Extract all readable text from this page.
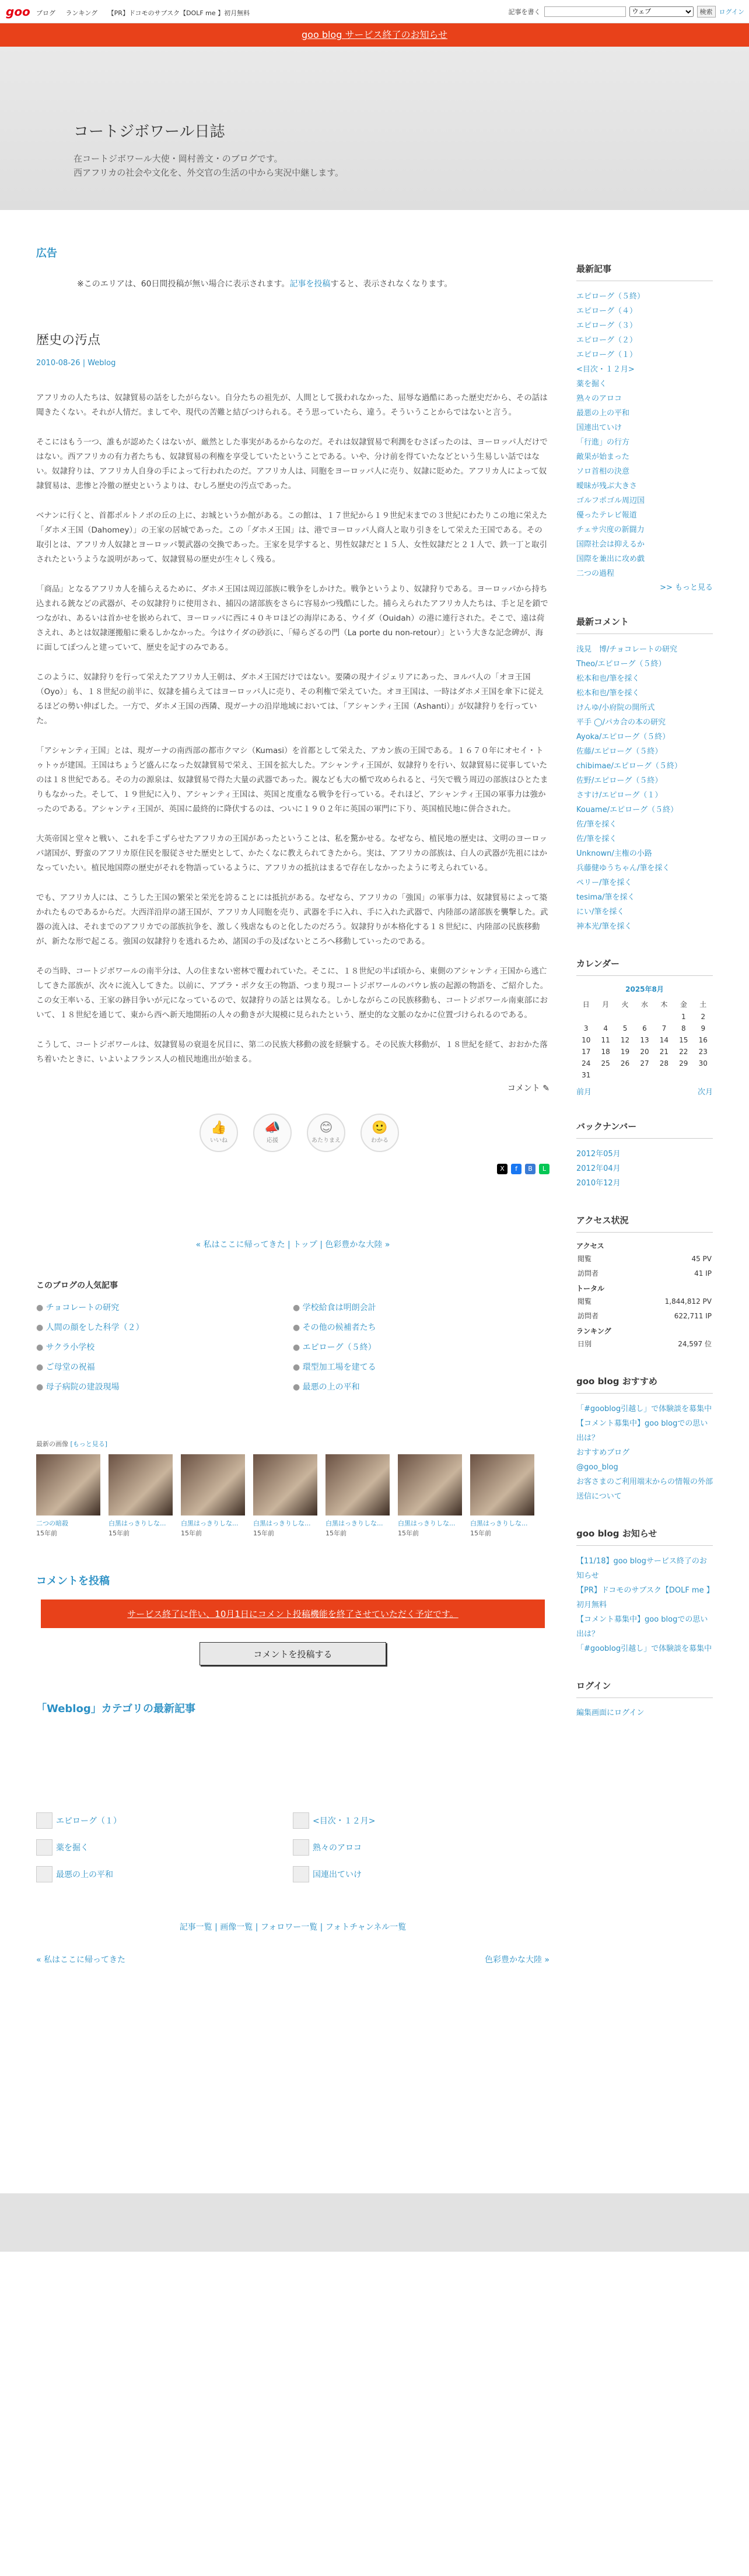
goo ブログ ランキング 【PR】ドコモのサブスク【DOLF me 】初月無料	記事を書く
ウェブ	検索	ログイン
goo blog サービス終了のお知らせ
コートジボワール日誌
在コートジボワール大使・岡村善文・のブログです。
西アフリカの社会や文化を、外交官の生活の中から実況中継します。
広告
※このエリアは、60日間投稿が無い場合に表示されます。記事を投稿すると、表示されなくなります。
歴史の汚点
2010-08-26 | Weblog

アフリカの人たちは、奴隷貿易の話をしたがらない。自分たちの祖先が、人間として扱われなかった、屈辱な過酷にあった歴史だから、その話は聞きたくない。それが人情だ。ましてや、現代の苦難と結びつけられる。そう思っていたら、違う。そういうことからではないと言う。

そこにはもう一つ、誰もが認めたくはないが、厳然とした事実があるからなのだ。それは奴隷貿易で利潤をむさぼったのは、ヨーロッパ人だけではない。西アフリカの有力者たちも、奴隷貿易の利権を享受していたということである。いや、分け前を得ていたなどという生易しい話ではない。奴隷狩りは、アフリカ人自身の手によって行われたのだ。アフリカ人は、同胞をヨーロッパ人に売り、奴隷に貶めた。アフリカ人によって奴隷貿易は、悲惨と冷徹の歴史というよりは、むしろ歴史の汚点であった。

ベナンに行くと、首都ポルトノボの丘の上に、お城というか館がある。この館は、１７世紀から１９世紀末までの３世紀にわたりこの地に栄えた「ダホメ王国（Dahomey）」の王家の居城であった。この「ダホメ王国」は、港でヨーロッパ人商人と取り引きをして栄えた王国である。その取引とは、アフリカ人奴隷とヨーロッパ製武器の交換であった。王家を見学すると、男性奴隷だと１５人、女性奴隷だと２１人で、鉄一丁と取引されたというような説明があって、奴隷貿易の歴史が生々しく残る。

「商品」となるアフリカ人を捕らえるために、ダホメ王国は周辺部族に戦争をしかけた。戦争というより、奴隷狩りである。ヨーロッパから持ち込まれる銃などの武器が、その奴隷狩りに使用され、捕囚の諸部族をさらに容易かつ残酷にした。捕らえられたアフリカ人たちは、手と足を鎖でつながれ、あるいは首かせを嵌められて、ヨーロッパに西に４０キロほどの海岸にある、ウイダ（Ouidah）の港に連行された。そこで、遠は荷さえれ、あとは奴隷運搬船に乗るしかなかった。今はウイダの砂浜に、「帰らざるの門（La porte du non-retour）」という大きな記念碑が、海に面してぽつんと建っていて、歴史を記すのみである。

このように、奴隷狩りを行って栄えたアフリカ人王朝は、ダホメ王国だけではない。要隣の現ナイジェリアにあった、ヨルバ人の「オヨ王国（Oyo）」も、１８世紀の前半に、奴隷を捕らえてはヨーロッパ人に売り、その利権で栄えていた。オヨ王国は、一時はダホメ王国を傘下に従えるほどの勢い伸ばした。一方で、ダホメ王国の西隣、現ガーナの沿岸地域においては、「アシャンティ王国（Ashanti）」が奴隷狩りを行っていた。

「アシャンティ王国」とは、現ガーナの南西部の都市クマシ（Kumasi）を首都として栄えた、アカン族の王国である。１６７０年にオセイ・トゥトゥが建国。王国はちょうど盛んになった奴隷貿易で栄え、王国を拡大した。アシャンティ王国が、奴隷狩りを行い、奴隷貿易に従事していたのは１８世紀である。その力の源泉は、奴隷貿易で得た大量の武器であった。親なども大の楯で攻められると、弓矢で戦う周辺の部族はひとたまりもなかった。そして、１９世紀に入り、アシャンティ王国は、英国と度重なる戦争を行っている。それほど、アシャンティ王国の軍事力は強かったのである。アシャンティ王国が、英国に最終的に降伏するのは、ついに１９０２年に英国の軍門に下り、英国植民地に併合された。

大英帝国と堂々と戦い、これを手こずらせたアフリカの王国があったということは、私を驚かせる。なぜなら、植民地の歴史は、文明のヨーロッパ諸国が、野蛮のアフリカ原住民を服従させた歴史として、かたくなに教えられてきたから。実は、アフリカの部族は、白人の武器が先祖にはかなっていたい。植民地国際の歴史がそれを物語っているように、アフリカの抵抗はまるで存在しなかったように考えられている。

でも、アフリカ人には、こうした王国の繁栄と栄光を誇ることには抵抗がある。なぜなら、アフリカの「強国」の軍事力は、奴隷貿易によって築かれたものであるからだ。大西洋沿岸の諸王国が、アフリカ人同胞を売り、武器を手に入れ、手に入れた武器で、内陸部の諸部族を襲撃した。武器の流入は、それまでのアフリカでの部族抗争を、激しく残虐なものと化したのだろう。奴隷狩りが本格化する１８世紀に、内陸部の民族移動が、新たな形で起こる。強国の奴隷狩りを逃れるため、諸国の手の及ばないところへ移動していったのである。

その当時、コートジボワールの南半分は、人の住まない密林で覆われていた。そこに、１８世紀の半ば頃から、東側のアシャンティ王国から逃亡してきた部族が、次々に流入してきた。以前に、アブラ・ポク女王の物語、つまり現コートジボワールのバウレ族の起源の物語を、ご紹介した。この女王率いる、王家の跡目争いが元になっているので、奴隷狩りの話とは異なる。しかしながらこの民族移動も、コートジボワール南東部において、１８世紀を通じて、東から西へ新天地開拓の人々の動きが大規模に見られたという、歴史的な文脈のなかに位置づけられるのである。

こうして、コートジボワールは、奴隷貿易の衰退を尻目に、第二の民族大移動の波を経験する。その民族大移動が、１８世紀を経て、おおかた落ち着いたときに、いよいよフランス人の植民地進出が始まる。

コメント ✎
👍
いいね
📣
応援
😊
あたりまえ
🙂
わかる
X	f	B	L
« 私はここに帰ってきた | トップ | 色彩豊かな大陸 »
このブログの人気記事
● チョコレートの研究	● 学校給食は明朗会計
● 人間の顔をした科学（２）	● その他の候補者たち
● サクラ小学校	● エピローグ（５終）
● ご母堂の祝福	● 環型加工場を建てる
● 母子病院の建設現場	● 最悪の上の平和
最新の画像 [もっと見る]
二つの暗殺
15年前
白黒はっきりしな...
15年前
白黒はっきりしな...
15年前
白黒はっきりしな...
15年前
白黒はっきりしな...
15年前
白黒はっきりしな...
15年前
白黒はっきりしな...
15年前
コメントを投稿
サービス終了に伴い、10月1日にコメント投稿機能を終了させていただく予定です。
コメントを投稿する
「Weblog」カテゴリの最新記事
エピローグ（１）	<目次・１２月>
薬を掘く	熟々のアロコ
最悪の上の平和	国連出ていけ
記事一覧 | 画像一覧 | フォロワー一覧 | フォトチャンネル一覧
« 私はここに帰ってきた	色彩豊かな大陸 »
最新記事
エピローグ（５終）
エピローグ（４）
エピローグ（３）
エピローグ（２）
エピローグ（１）
<目次・１２月>
薬を掘く
熟々のアロコ
最悪の上の平和
国連出ていけ
「行進」の行方
敵果が始まった
ソロ首相の決意
曖昧が残ぶ大きさ
ゴルフポゴル周辺国
優ったテレビ報道
チェサ宍度の新闘力
国際社会は抑えるか
国際を兼出に攻め戯
二つの過程
>> もっと見る
最新コメント
浅見　博/チョコレートの研究
Theo/エピローグ（５終）
松本和也/筆を採く
松本和也/筆を採く
けんゆ/小府院の開所式
平手 ◯/パカ合の本の研究
Ayoka/エピローグ（５終）
佐藤/エピローグ（５終）
chibimae/エピローグ（５終）
佐野/エピローグ（５終）
さすけ/エピローグ（１）
Kouame/エピローグ（５終）
佐/筆を採く
佐/筆を採く
Unknown/主権の小路
兵藤健ゆうちゃん/筆を採く
ペリー/筆を採く
tesima/筆を採く
にい/筆を採く
神本光/筆を採く
カレンダー
2025年8月
日	月	火	水	木	金	土
					1	2
3	4	5	6	7	8	9
10	11	12	13	14	15	16
17	18	19	20	21	22	23
24	25	26	27	28	29	30
31						
前月	次月
バックナンバー
2012年05月
2012年04月
2010年12月
アクセス状況
アクセス
閲覧	45 PV
訪問者	41 IP
トータル
閲覧	1,844,812 PV
訪問者	622,711 IP
ランキング
日別	24,597 位
goo blog おすすめ
「#gooblog引越し」で体験談を募集中
【コメント募集中】goo blogでの思い出は？
おすすめブログ
@goo_blog
お客さまのご利用端末からの情報の外部送信について
goo blog お知らせ
【11/18】goo blogサービス終了のお知らせ
【PR】ドコモのサブスク【DOLF me 】初月無料
【コメント募集中】goo blogでの思い出は？
「#gooblog引越し」で体験談を募集中
ログイン
編集画面にログイン
